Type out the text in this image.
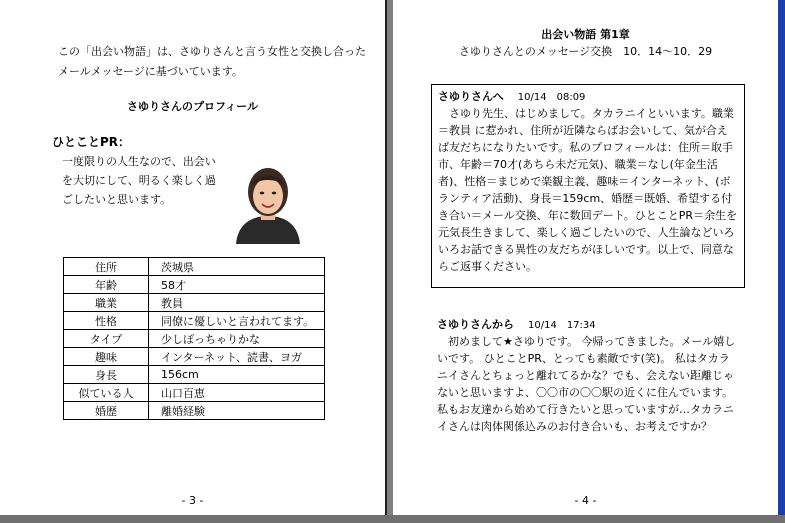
この「出会い物語」は、さゆりさんと言う女性と交換し合ったメールメッセージに基づいています。
さゆりさんのプロフィール
ひとことPR：
一度限りの人生なので、出会いを大切にして、明るく楽しく過ごしたいと思います。
住所	茨城県
年齢	58才
職業	教員
性格	同僚に優しいと言われてます。
タイプ	少しぽっちゃりかな
趣味	インターネット、読書、ヨガ
身長	156cm
似ている人	山口百恵
婚歴	離婚経験
- 3 -
出会い物語 第1章
さゆりさんとのメッセージ交換　10．14～10．29
さゆりさんへ 10/14　08:09
　さゆり先生、はじめまして。タカラニイといいます。職業＝教員 に惹かれ、住所が近隣ならばお会いして、気が合えば友だちになりたいです。私のプロフィールは：住所＝取手市、年齢＝70才(あちら未だ元気)、職業＝なし(年金生活者)、性格＝まじめで楽観主義、趣味＝インターネット、(ボランティア活動)、身長＝159cm、婚歴＝既婚、希望する付き合い＝メール交換、年に数回デート。ひとことPR＝余生を元気長生きまして、楽しく過ごしたいので、人生論などいろいろお話できる異性の友だちがほしいです。以上で、同意ならご返事ください。
さゆりさんから 10/14　17:34
　初めまして★さゆりです。 今帰ってきました。メール嬉しいです。 ひとことPR、とっても素敵です(笑)。 私はタカラニイさんとちょっと離れてるかな？でも、会えない距離じゃないと思いますよ、〇〇市の〇〇駅の近くに住んでいます。私もお友達から始めて行きたいと思っていますが…タカラニイさんは肉体関係込みのお付き合いも、お考えですか？
- 4 -
